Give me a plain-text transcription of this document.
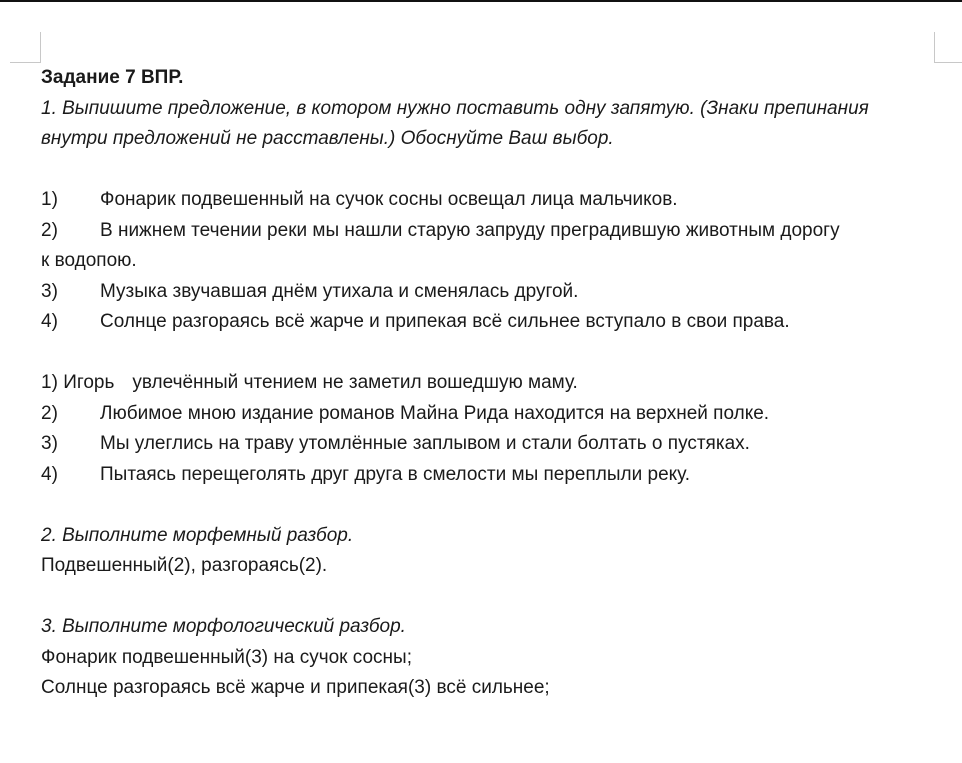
Задание 7 ВПР.
1. Выпишите предложение, в котором нужно поставить одну запятую. (Знаки препинания
внутри предложений не расставлены.) Обоснуйте Ваш выбор.
1) Фонарик подвешенный на сучок сосны освещал лица мальчиков.
2) В нижнем течении реки мы нашли старую запруду преградившую животным дорогу
к водопою.
3) Музыка звучавшая днём утихала и сменялась другой.
4) Солнце разгораясь всё жарче и припекая всё сильнее вступало в свои права.
1) Игорь увлечённый чтением не заметил вошедшую маму.
2) Любимое мною издание романов Майна Рида находится на верхней полке.
3) Мы улеглись на траву утомлённые заплывом и стали болтать о пустяках.
4) Пытаясь перещеголять друг друга в смелости мы переплыли реку.
2. Выполните морфемный разбор.
Подвешенный(2), разгораясь(2).
3. Выполните морфологический разбор.
Фонарик подвешенный(3) на сучок сосны;
Солнце разгораясь всё жарче и припекая(3) всё сильнее;
